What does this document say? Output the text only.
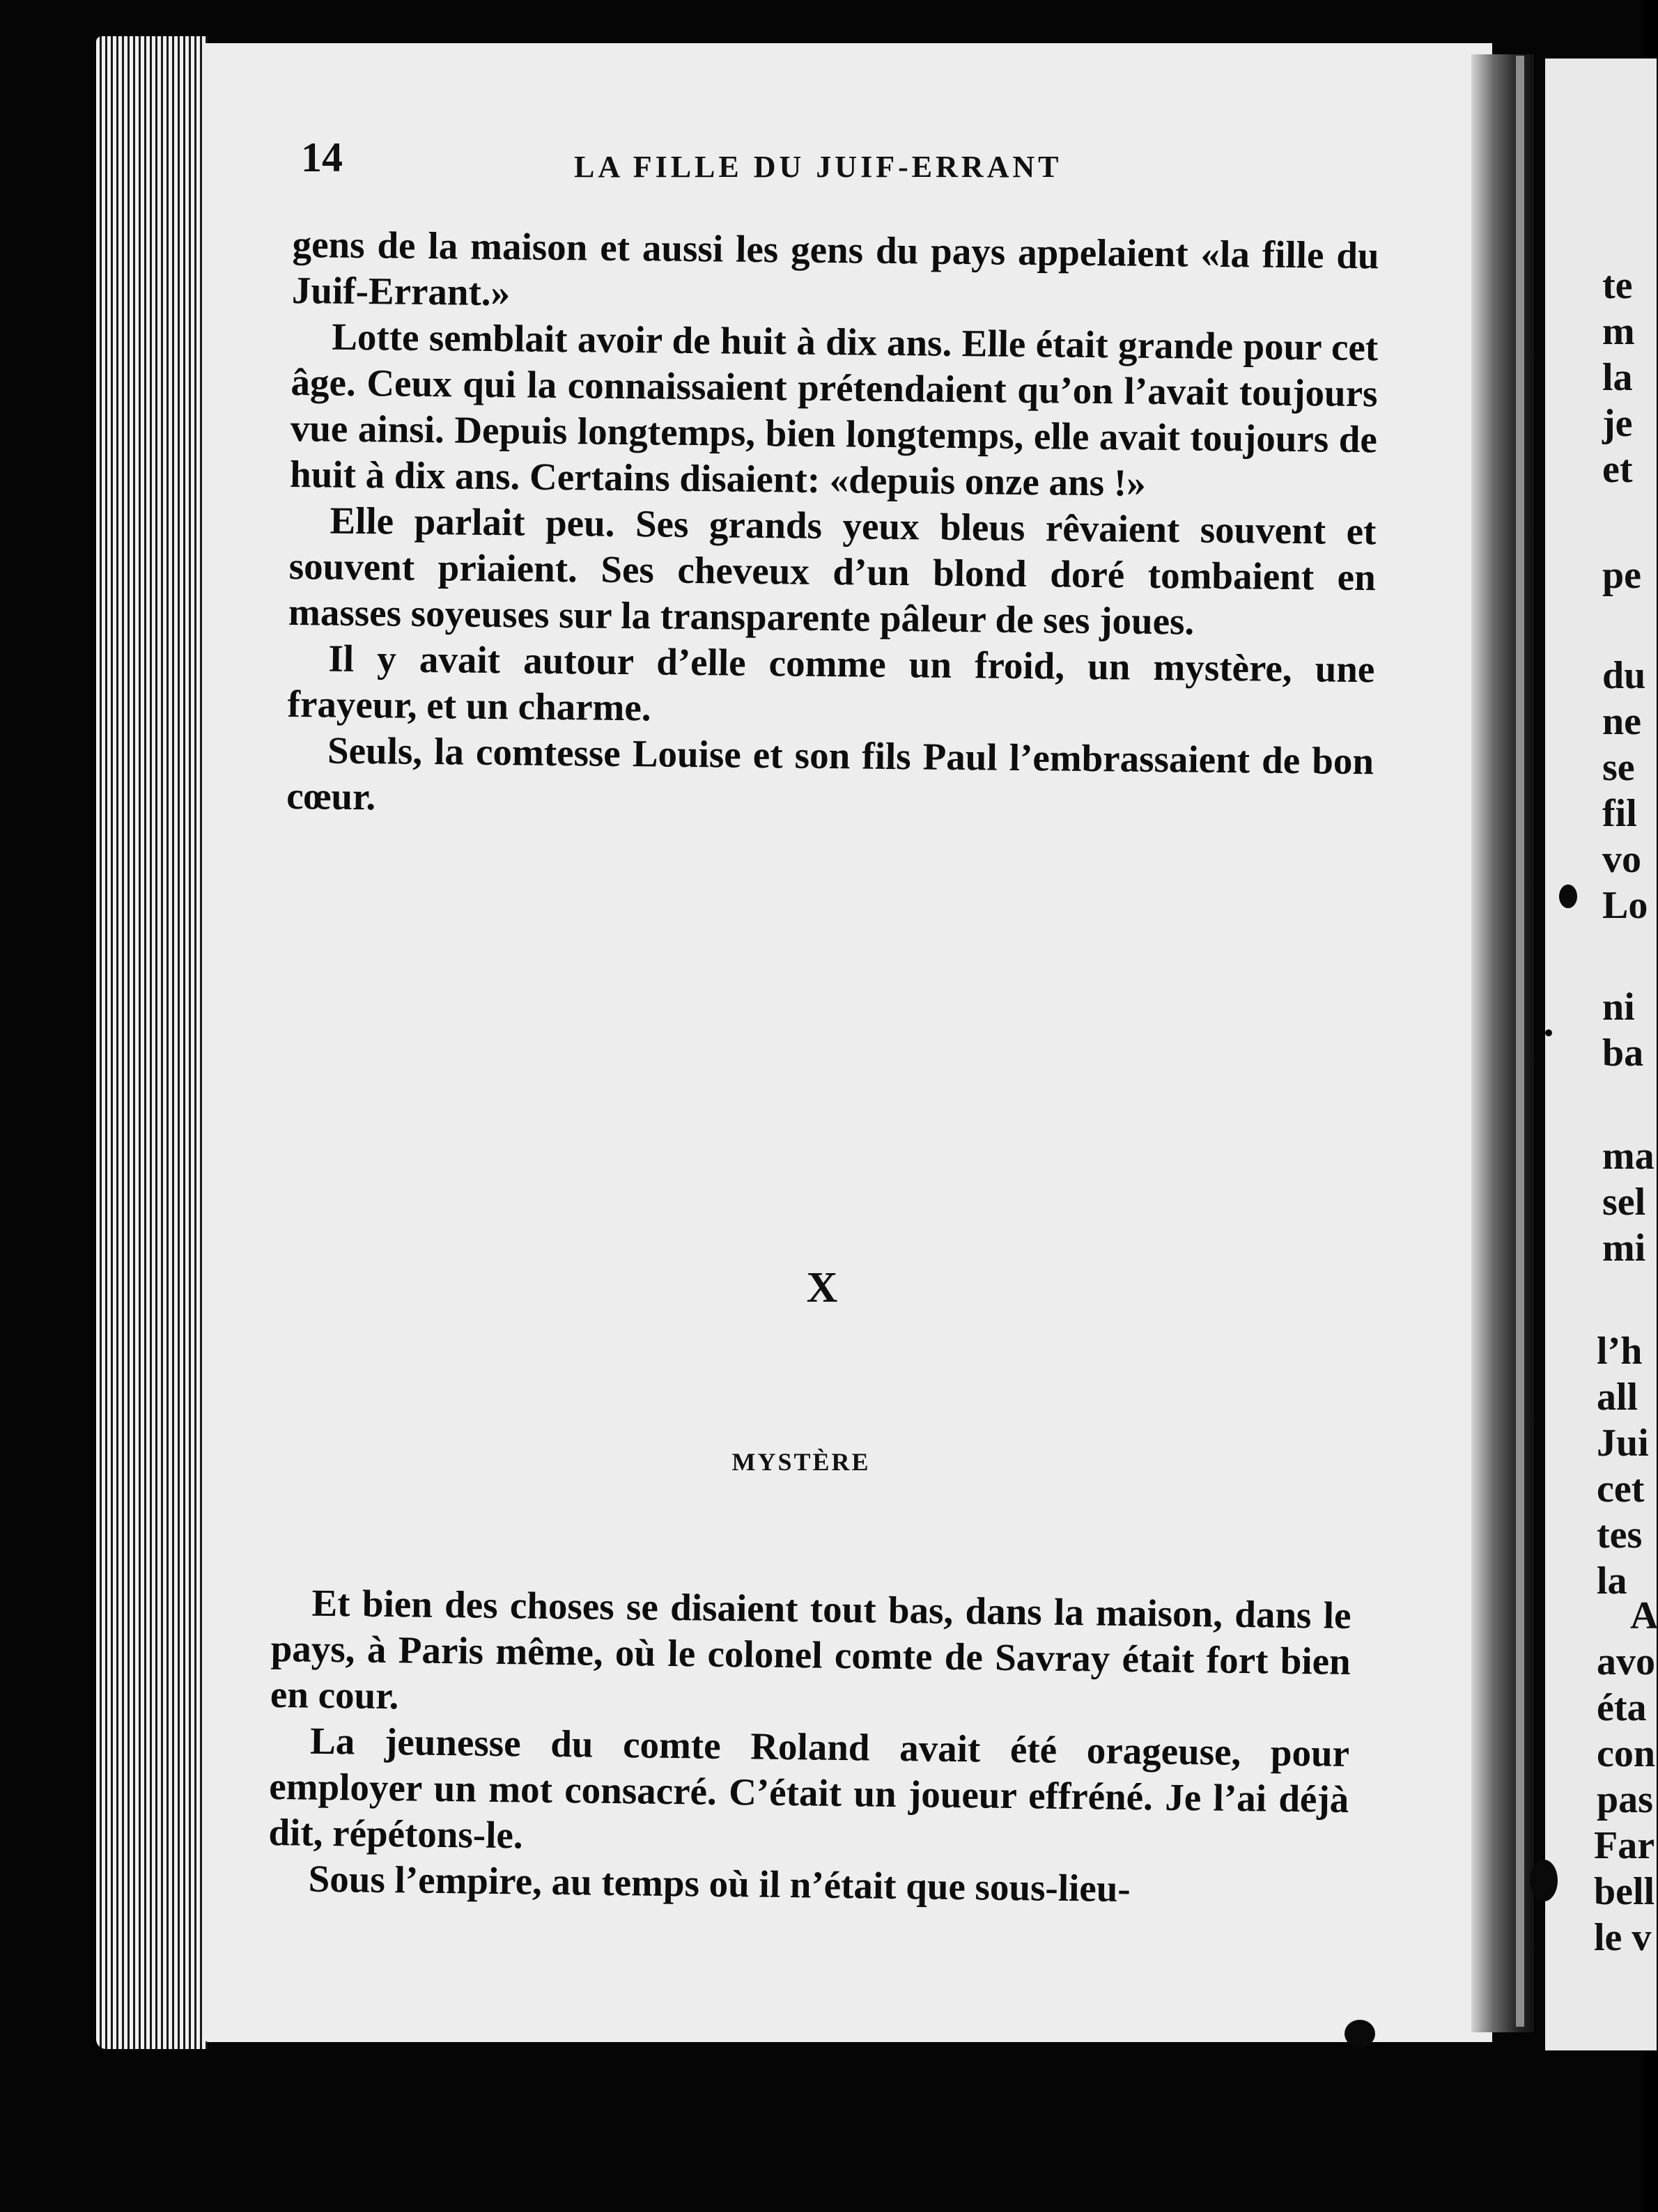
14	LA FILLE DU JUIF-ERRANT

gens de la maison et aussi les gens du pays appelaient «la fille du Juif-Errant.»

Lotte semblait avoir de huit à dix ans. Elle était grande pour cet âge. Ceux qui la connaissaient prétendaient qu’on l’avait toujours vue ainsi. Depuis longtemps, bien longtemps, elle avait toujours de huit à dix ans. Certains disaient: «depuis onze ans !»

Elle parlait peu. Ses grands yeux bleus rêvaient souvent et souvent priaient. Ses cheveux d’un blond doré tombaient en masses soyeuses sur la transparente pâleur de ses joues.

Il y avait autour d’elle comme un froid, un mystère, une frayeur, et un charme.

Seuls, la comtesse Louise et son fils Paul l’embrassaient de bon cœur.

X
MYSTÈRE

Et bien des choses se disaient tout bas, dans la maison, dans le pays, à Paris même, où le colonel comte de Savray était fort bien en cour.

La jeunesse du comte Roland avait été orageuse, pour employer un mot consacré. C’était un joueur effréné. Je l’ai déjà dit, répétons-le.

Sous l’empire, au temps où il n’était que sous-lieu-

te
m
la
je
et
pe
du
ne
se
fil
vo
Lo
ni
ba
ma
sel
mi
l’h
all
Jui
cet
tes
la
A
avo
éta
con
pas
Far
bell
le v
